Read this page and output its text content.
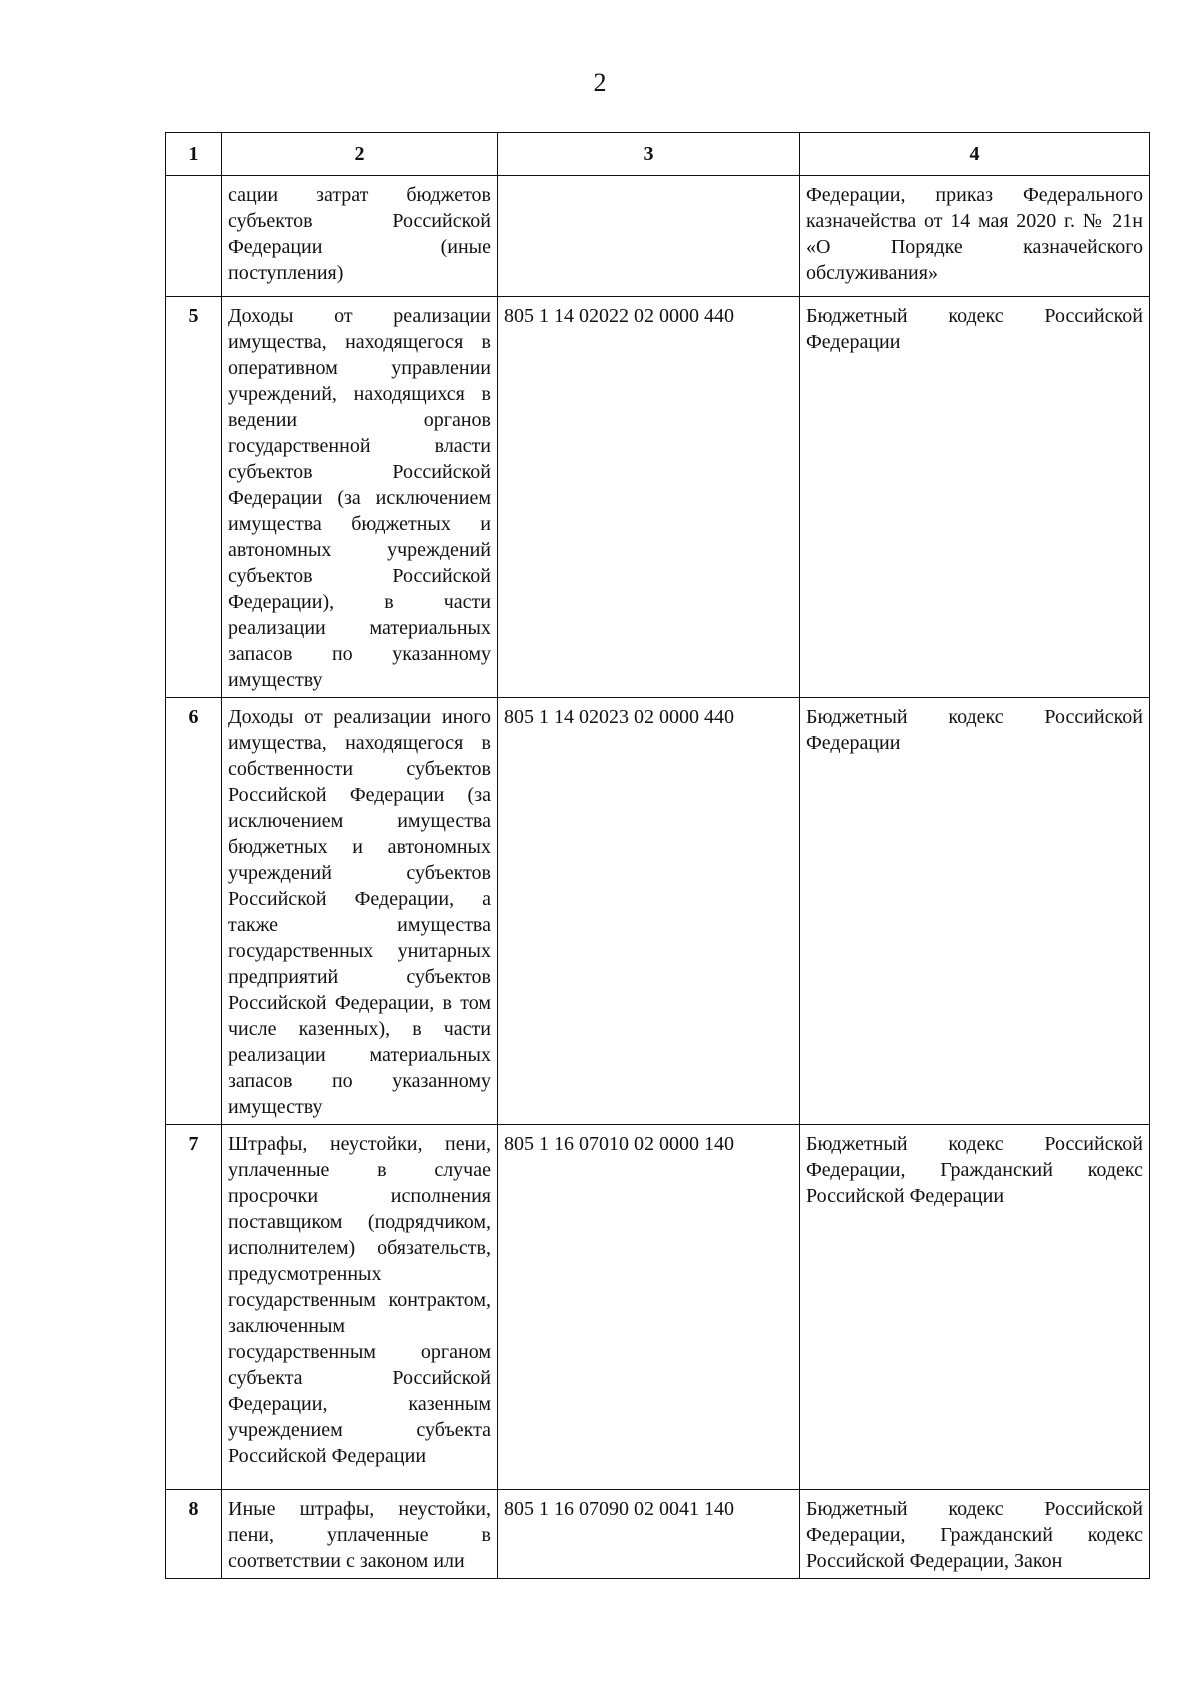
2
1	2	3	4
	сации затрат бюджетов субъектов Российской Федерации (иные поступления)		Федерации, приказ Федерального казначейства от 14 мая 2020 г. № 21н «О Порядке казначейского обслуживания»
5	Доходы от реализации имущества, находящегося в оперативном управлении учреждений, находящихся в ведении органов государственной власти субъектов Российской Федерации (за исключением имущества бюджетных и автономных учреждений субъектов Российской Федерации), в части реализации материальных запасов по указанному имуществу	805 1 14 02022 02 0000 440	Бюджетный кодекс Российской Федерации
6	Доходы от реализации иного имущества, находящегося в собственности субъектов Российской Федерации (за исключением имущества бюджетных и автономных учреждений субъектов Российской Федерации, а также имущества государственных унитарных предприятий субъектов Российской Федерации, в том числе казенных), в части реализации материальных запасов по указанному имуществу	805 1 14 02023 02 0000 440	Бюджетный кодекс Российской Федерации
7	Штрафы, неустойки, пени, уплаченные в случае просрочки исполнения поставщиком (подрядчиком, исполнителем) обязательств, предусмотренных государственным контрактом, заключенным государственным органом субъекта Российской Федерации, казенным учреждением субъекта Российской Федерации	805 1 16 07010 02 0000 140	Бюджетный кодекс Российской Федерации, Гражданский кодекс Российской Федерации
8	Иные штрафы, неустойки, пени, уплаченные в соответствии с законом или	805 1 16 07090 02 0041 140	Бюджетный кодекс Российской Федерации, Гражданский кодекс Российской Федерации, Закон
